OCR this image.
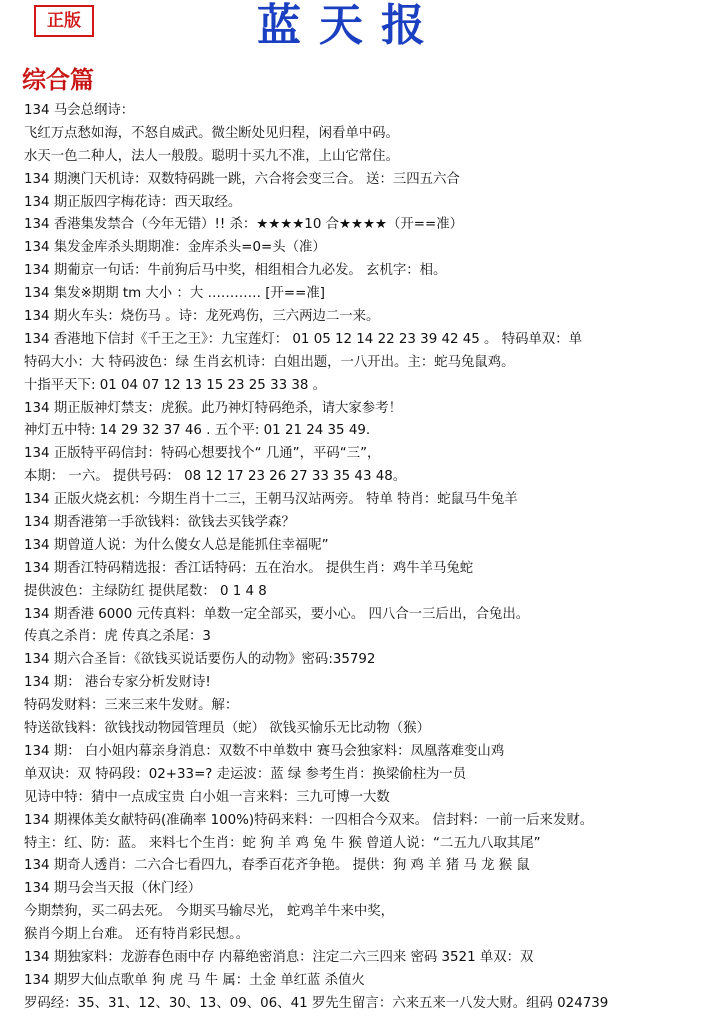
正版	蓝天报
综合篇
134 马会总纲诗：
飞红万点愁如海，不怒自威武。微尘断处见归程，闲看单中码。
水天一色二种人，法人一般殷。聪明十买九不准，上山它常住。
134 期澳门天机诗：双数特码跳一跳，六合将会变三合。 送：三四五六合
134 期正版四字梅花诗：西天取经。
134 香港集发禁合（今年无错）!! 杀：★★★★10 合★★★★（开==准）
134 集发金库杀头期期准：金库杀头=0=头（准）
134 期葡京一句话：牛前狗后马中奖，相组相合九必发。 玄机字：相。
134 集发※期期 tm 大小 ：大 ………… [开==准]
134 期火车头：烧伤马 。诗：龙死鸡伤，三六两边二一来。
134 香港地下信封《千王之王》：九宝莲灯： 01 05 12 14 22 23 39 42 45 。 特码单双：单
特码大小：大 特码波色：绿 生肖玄机诗：白姐出题，一八开出。主：蛇马兔鼠鸡。
十指平天下: 01 04 07 12 13 15 23 25 33 38 。
134 期正版神灯禁支：虎猴。此乃神灯特码绝杀，请大家参考！
神灯五中特: 14 29 32 37 46 . 五个平: 01 21 24 35 49.
134 正版特平码信封：特码心想要找个“ 几通”，平码“三”，
本期： 一六。 提供号码： 08 12 17 23 26 27 33 35 43 48。
134 正版火烧玄机：今期生肖十二三，王朝马汉站两旁。 特单 特肖：蛇鼠马牛兔羊
134 期香港第一手欲钱料：欲钱去买钱学森？
134 期曾道人说：为什么傻女人总是能抓住幸福呢”
134 期香江特码精选报：香江话特码：五在治水。 提供生肖：鸡牛羊马兔蛇
提供波色：主绿防红 提供尾数： 0 1 4 8
134 期香港 6000 元传真料：单数一定全部买，要小心。 四八合一三后出，合兔出。
传真之杀肖：虎 传真之杀尾：3
134 期六合圣旨：《欲钱买说话要伤人的动物》密码:35792
134 期： 港台专家分析发财诗!
特码发财料：三来三来牛发财。解：
特送欲钱料：欲钱找动物园管理员（蛇） 欲钱买愉乐无比动物（猴）
134 期： 白小姐内幕亲身消息：双数不中单数中 赛马会独家料：凤凰落难变山鸡
单双诀：双 特码段：02+33=? 走运波：蓝 绿 参考生肖：换梁偷柱为一员
见诗中特：猜中一点成宝贵 白小姐一言来料：三九可博一大数
134 期裸体美女献特码(准确率 100%)特码来料：一四相合今双来。 信封料：一前一后来发财。
特主：红、防：蓝。 来料七个生肖：蛇 狗 羊 鸡 兔 牛 猴 曾道人说：“二五九八取其尾”
134 期奇人透肖：二六合七看四九，春季百花齐争艳。 提供：狗 鸡 羊 猪 马 龙 猴 鼠
134 期马会当天报（休门经）
今期禁狗，买二码去死。 今期买马输尽光， 蛇鸡羊牛来中奖，
猴肖今期上台难。 还有特肖彩民想。。
134 期独家料：龙游春色雨中存 内幕绝密消息：注定二六三四来 密码 3521 单双：双
134 期罗大仙点歌单 狗 虎 马 牛 属：土金 单红蓝 杀值火
罗码经：35、31、12、30、13、09、06、41 罗先生留言：六来五来一八发大财。组码 024739
